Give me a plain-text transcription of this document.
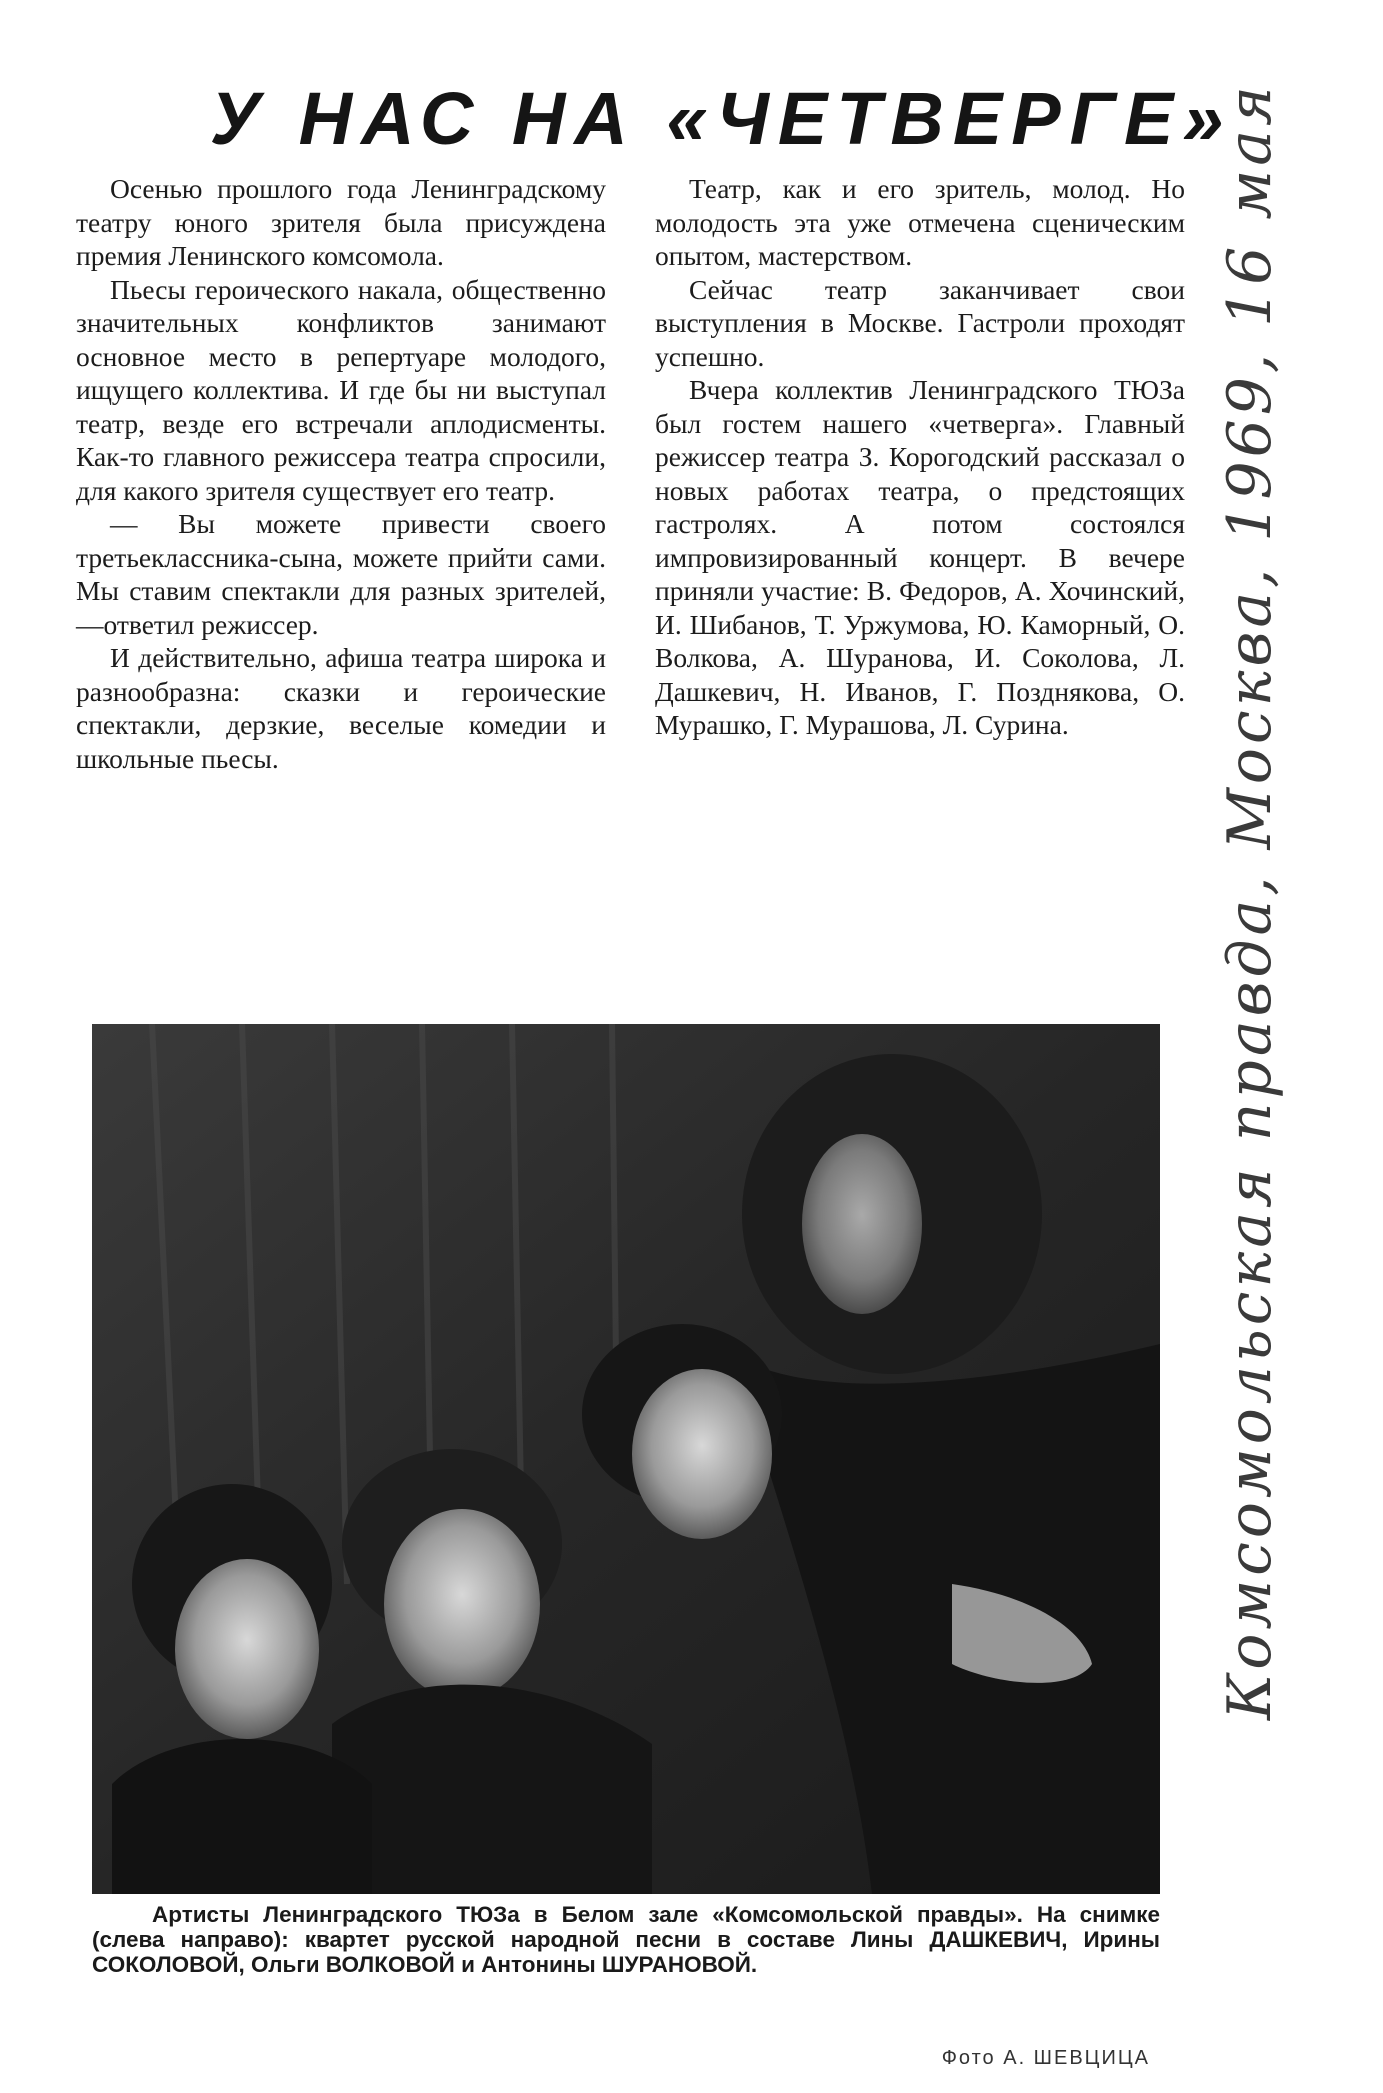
У НАС НА «ЧЕТВЕРГЕ»

Осенью прошлого года Ленинградскому театру юного зрителя была присуждена премия Ленинского комсомола.

Пьесы героического накала, общественно значительных конфликтов занимают основное место в репертуаре молодого, ищущего коллектива. И где бы ни выступал театр, везде его встречали аплодисменты. Как-то главного режиссера театра спросили, для какого зрителя существует его театр.

— Вы можете привести своего третьеклассника-сына, можете прийти сами. Мы ставим спектакли для разных зрителей,—ответил режиссер.

И действительно, афиша театра широка и разнообразна: сказки и героические спектакли, дерзкие, веселые комедии и школьные пьесы.

Театр, как и его зритель, молод. Но молодость эта уже отмечена сценическим опытом, мастерством.

Сейчас театр заканчивает свои выступления в Москве. Гастроли проходят успешно.

Вчера коллектив Ленинградского ТЮЗа был гостем нашего «четверга». Главный режиссер театра З. Корогодский рассказал о новых работах театра, о предстоящих гастролях. А потом состоялся импровизированный концерт. В вечере приняли участие: В. Федоров, А. Хочинский, И. Шибанов, Т. Уржумова, Ю. Каморный, О. Волкова, А. Шуранова, И. Соколова, Л. Дашкевич, Н. Иванов, Г. Позднякова, О. Мурашко, Г. Мурашова, Л. Сурина.

Артисты Ленинградского ТЮЗа в Белом зале «Комсомольской правды». На снимке (слева направо): квартет русской народной песни в составе Лины ДАШКЕВИЧ, Ирины СОКОЛОВОЙ, Ольги ВОЛКОВОЙ и Антонины ШУРАНОВОЙ.
Фото А. ШЕВЦИЦА
Комсомольская правда, Москва, 1969, 16 мая
